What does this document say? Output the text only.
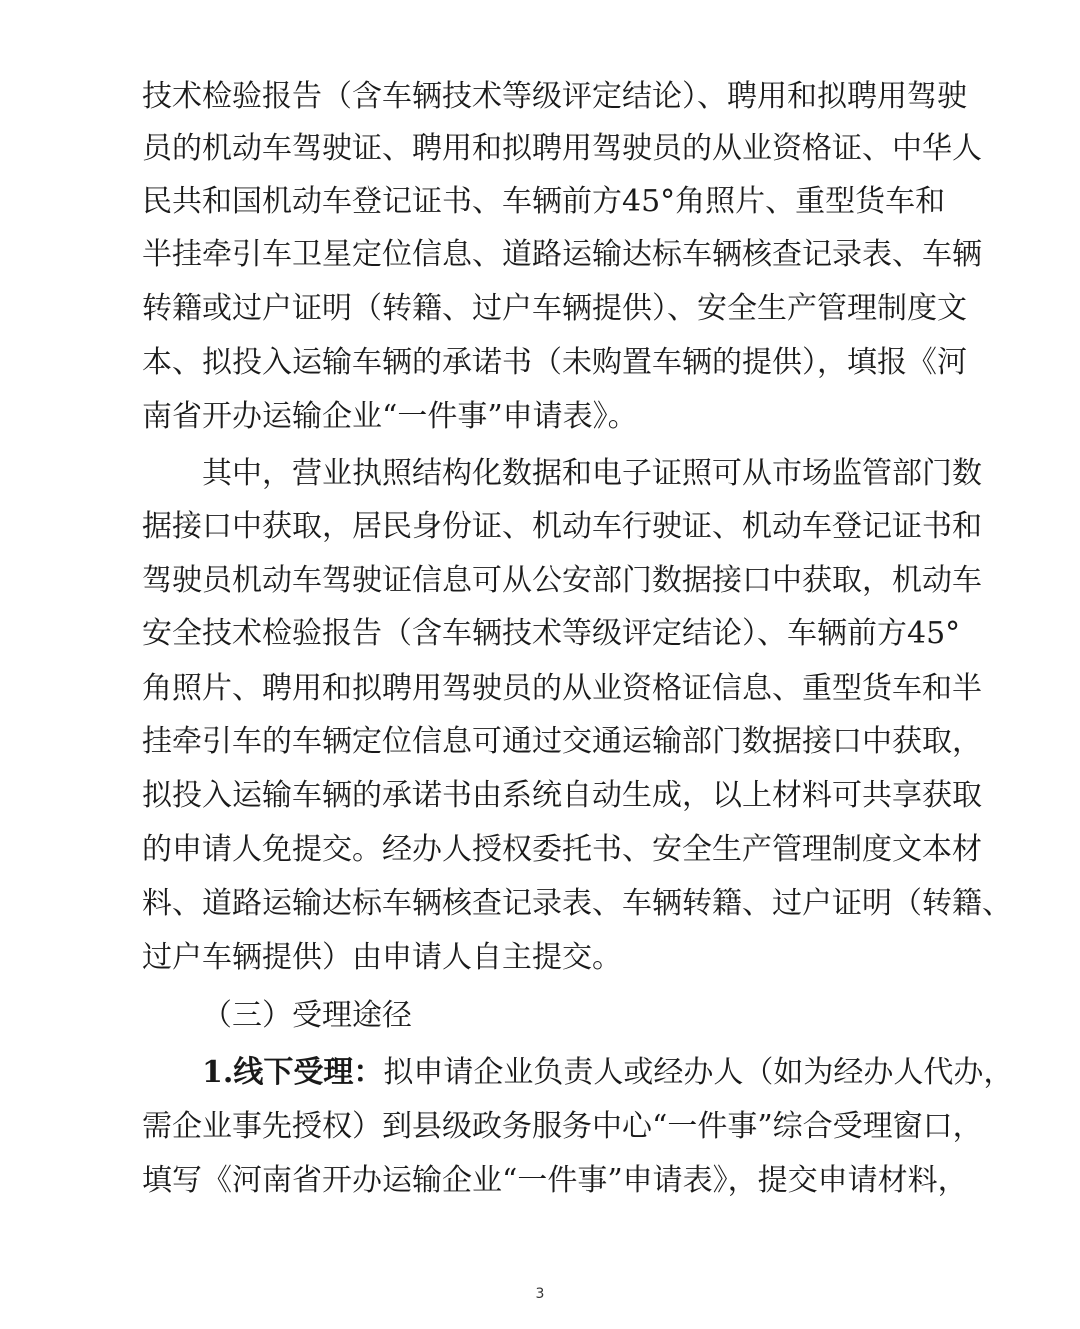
技术检验报告（含车辆技术等级评定结论）、聘用和拟聘用驾驶
员的机动车驾驶证、聘用和拟聘用驾驶员的从业资格证、中华人
民共和国机动车登记证书、车辆前方45°角照片、重型货车和
半挂牵引车卫星定位信息、道路运输达标车辆核查记录表、车辆
转籍或过户证明（转籍、过户车辆提供）、安全生产管理制度文
本、拟投入运输车辆的承诺书（未购置车辆的提供），填报《河
南省开办运输企业“一件事”申请表》。
其中，营业执照结构化数据和电子证照可从市场监管部门数
据接口中获取，居民身份证、机动车行驶证、机动车登记证书和
驾驶员机动车驾驶证信息可从公安部门数据接口中获取，机动车
安全技术检验报告（含车辆技术等级评定结论）、车辆前方45°
角照片、聘用和拟聘用驾驶员的从业资格证信息、重型货车和半
挂牵引车的车辆定位信息可通过交通运输部门数据接口中获取，
拟投入运输车辆的承诺书由系统自动生成，以上材料可共享获取
的申请人免提交。经办人授权委托书、安全生产管理制度文本材
料、道路运输达标车辆核查记录表、车辆转籍、过户证明（转籍、
过户车辆提供）由申请人自主提交。
（三）受理途径
1.线下受理：拟申请企业负责人或经办人（如为经办人代办，
需企业事先授权）到县级政务服务中心“一件事”综合受理窗口，
填写《河南省开办运输企业“一件事”申请表》，提交申请材料，
3
